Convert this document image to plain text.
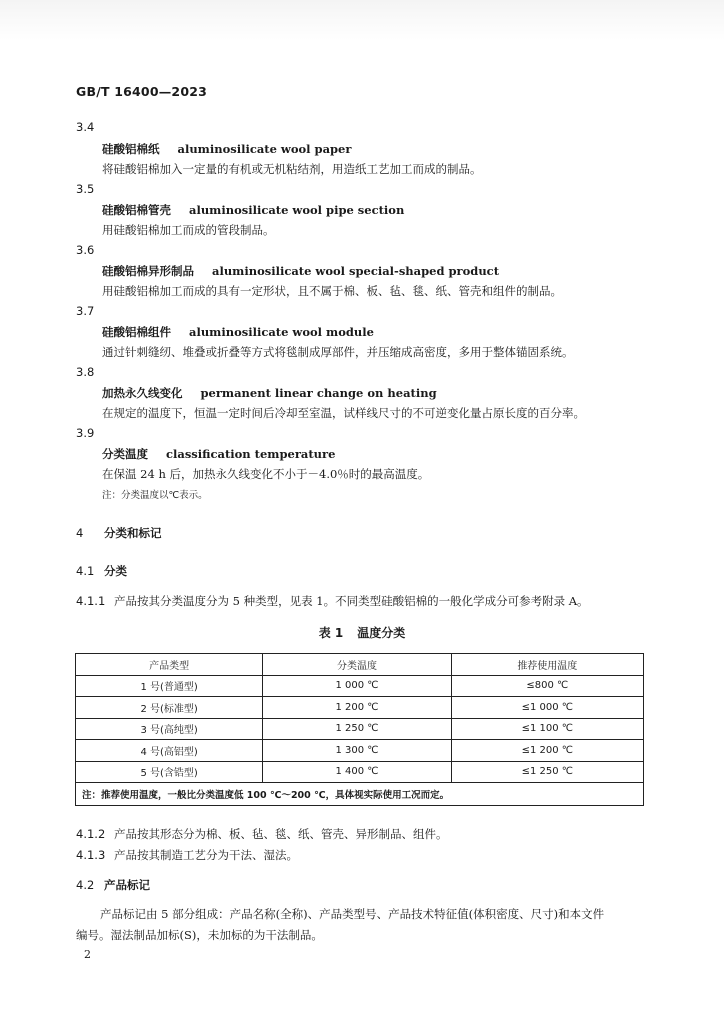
GB/T 16400—2023
3.4
硅酸铝棉纸 aluminosilicate wool paper
将硅酸铝棉加入一定量的有机或无机粘结剂，用造纸工艺加工而成的制品。
3.5
硅酸铝棉管壳 aluminosilicate wool pipe section
用硅酸铝棉加工而成的管段制品。
3.6
硅酸铝棉异形制品 aluminosilicate wool special-shaped product
用硅酸铝棉加工而成的具有一定形状，且不属于棉、板、毡、毯、纸、管壳和组件的制品。
3.7
硅酸铝棉组件 aluminosilicate wool module
通过针刺缝纫、堆叠或折叠等方式将毯制成厚部件，并压缩成高密度，多用于整体锚固系统。
3.8
加热永久线变化 permanent linear change on heating
在规定的温度下，恒温一定时间后冷却至室温，试样线尺寸的不可逆变化量占原长度的百分率。
3.9
分类温度 classification temperature
在保温 24 h 后，加热永久线变化不小于－4.0％时的最高温度。
注：分类温度以℃表示。
4 分类和标记
4.1 分类
4.1.1 产品按其分类温度分为 5 种类型，见表 1。不同类型硅酸铝棉的一般化学成分可参考附录 A。
表 1 温度分类
产品类型	分类温度	推荐使用温度
1 号(普通型)	1 000 ℃	≤800 ℃
2 号(标准型)	1 200 ℃	≤1 000 ℃
3 号(高纯型)	1 250 ℃	≤1 100 ℃
4 号(高铝型)	1 300 ℃	≤1 200 ℃
5 号(含锆型)	1 400 ℃	≤1 250 ℃
注：推荐使用温度，一般比分类温度低 100 ℃～200 ℃，具体视实际使用工况而定。		
4.1.2 产品按其形态分为棉、板、毡、毯、纸、管壳、异形制品、组件。
4.1.3 产品按其制造工艺分为干法、湿法。
4.2 产品标记
产品标记由 5 部分组成：产品名称(全称)、产品类型号、产品技术特征值(体积密度、尺寸)和本文件
编号。湿法制品加标(S)，未加标的为干法制品。
2
